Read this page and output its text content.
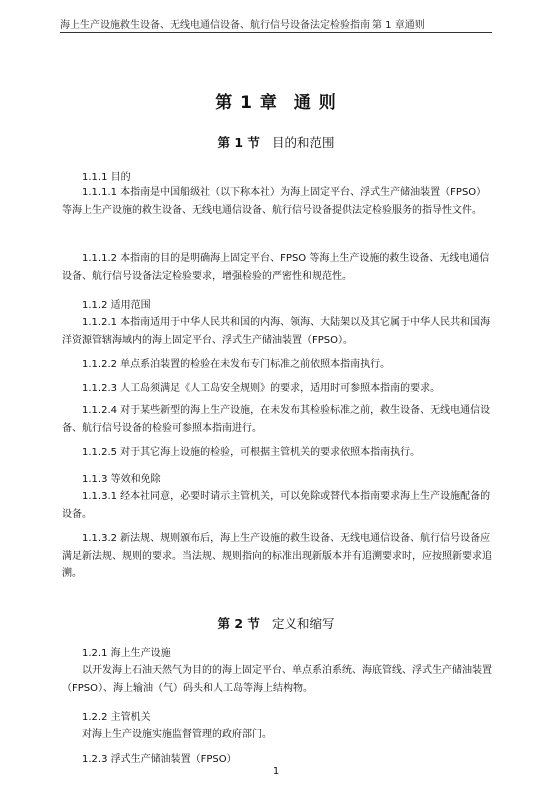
海上生产设施救生设备、无线电通信设备、航行信号设备法定检验指南 第 1 章通则
第 1 章 通 则
第 1 节 目的和范围
1.1.1 目的
1.1.1.1 本指南是中国船级社（以下称本社）为海上固定平台、浮式生产储油装置（FPSO）等海上生产设施的救生设备、无线电通信设备、航行信号设备提供法定检验服务的指导性文件。
1.1.1.2 本指南的目的是明确海上固定平台、FPSO 等海上生产设施的救生设备、无线电通信设备、航行信号设备法定检验要求，增强检验的严密性和规范性。
1.1.2 适用范围
1.1.2.1 本指南适用于中华人民共和国的内海、领海、大陆架以及其它属于中华人民共和国海洋资源管辖海域内的海上固定平台、浮式生产储油装置（FPSO）。
1.1.2.2 单点系泊装置的检验在未发布专门标准之前依照本指南执行。
1.1.2.3 人工岛须满足《人工岛安全规则》的要求，适用时可参照本指南的要求。
1.1.2.4 对于某些新型的海上生产设施，在未发布其检验标准之前，救生设备、无线电通信设备、航行信号设备的检验可参照本指南进行。
1.1.2.5 对于其它海上设施的检验，可根据主管机关的要求依照本指南执行。
1.1.3 等效和免除
1.1.3.1 经本社同意，必要时请示主管机关，可以免除或替代本指南要求海上生产设施配备的设备。
1.1.3.2 新法规、规则颁布后，海上生产设施的救生设备、无线电通信设备、航行信号设备应满足新法规、规则的要求。当法规、规则指向的标准出现新版本并有追溯要求时，应按照新要求追溯。
第 2 节 定义和缩写
1.2.1 海上生产设施
以开发海上石油天然气为目的的海上固定平台、单点系泊系统、海底管线、浮式生产储油装置（FPSO）、海上输油（气）码头和人工岛等海上结构物。
1.2.2 主管机关
对海上生产设施实施监督管理的政府部门。
1.2.3 浮式生产储油装置（FPSO）
1
